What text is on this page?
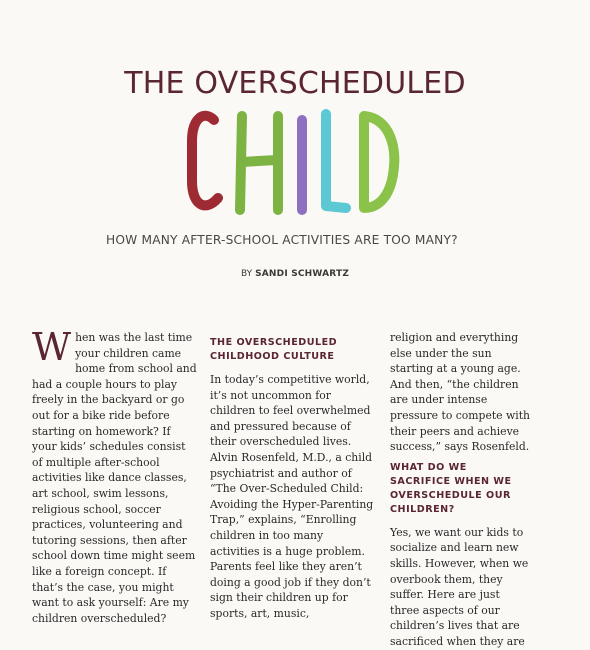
THE OVERSCHEDULED
HOW MANY AFTER-SCHOOL ACTIVITIES ARE TOO MANY?
BY SANDI SCHWARTZ

When was the last time your children came home from school and had a couple hours to play freely in the backyard or go out for a bike ride before starting on homework? If your kids’ schedules consist of multiple after-school activities like dance classes, art school, swim lessons, religious school, soccer practices, volunteering and tutoring sessions, then after school down time might seem like a foreign concept. If that’s the case, you might want to ask yourself: Are my children overscheduled?

THE OVERSCHEDULED CHILDHOOD CULTURE

In today’s competitive world, it’s not uncommon for children to feel overwhelmed and pressured because of their overscheduled lives. Alvin Rosenfeld, M.D., a child psychiatrist and author of “The Over-Scheduled Child: Avoiding the Hyper-Parenting Trap,” explains, “Enrolling children in too many activities is a huge problem. Parents feel like they aren’t doing a good job if they don’t sign their children up for sports, art, music,

religion and everything else under the sun starting at a young age. And then, “the children are under intense pressure to compete with their peers and achieve success,” says Rosenfeld.

WHAT DO WE SACRIFICE WHEN WE OVERSCHEDULE OUR CHILDREN?

Yes, we want our kids to socialize and learn new skills. However, when we overbook them, they suffer. Here are just three aspects of our children’s lives that are sacrificed when they are
